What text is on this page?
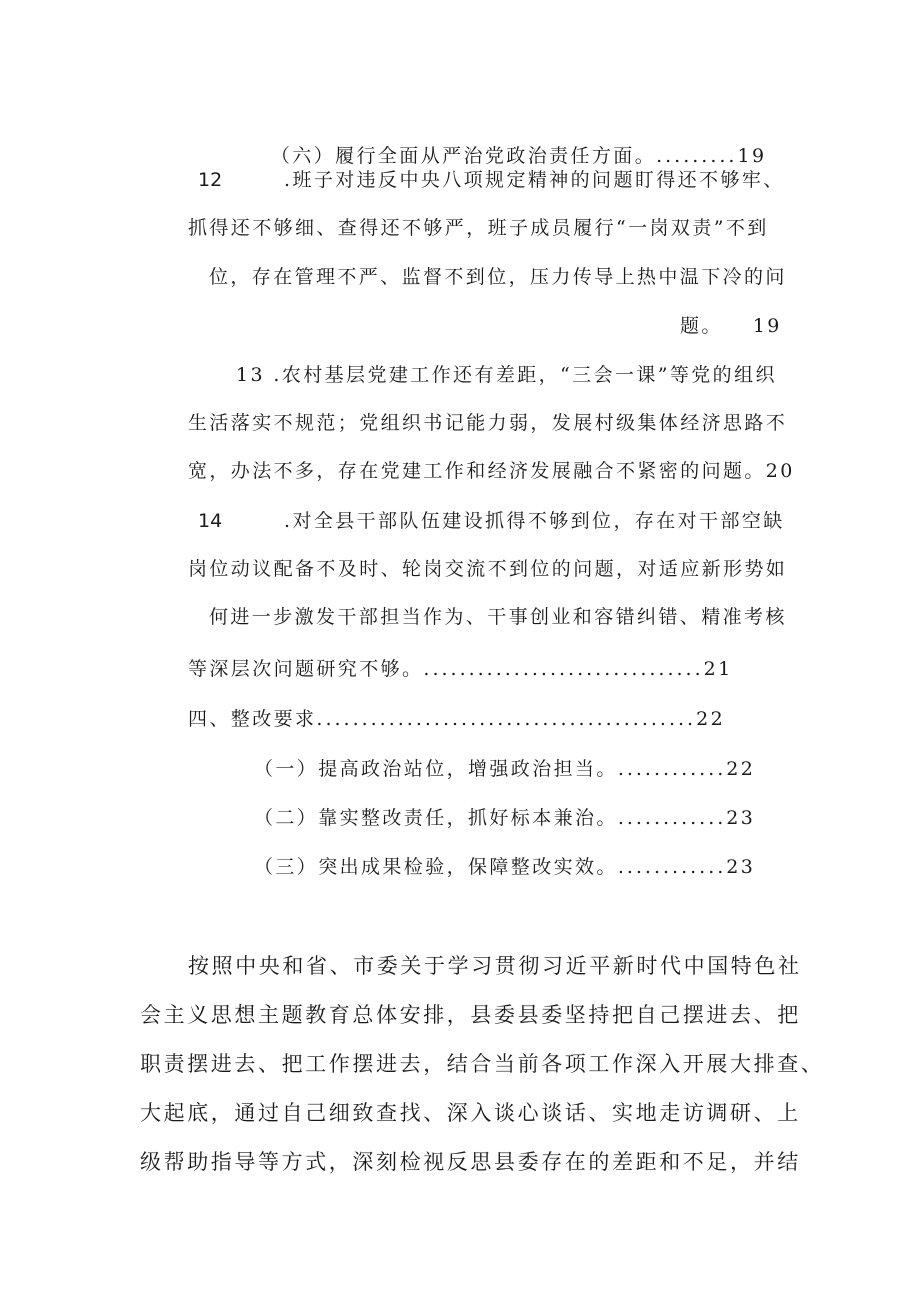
（六）履行全面从严治党政治责任方面。.........19

12	.班子对违反中央八项规定精神的问题盯得还不够牢、
抓得还不够细、查得还不够严，班子成员履行“一岗双责”不到
位，存在管理不严、监督不到位，压力传导上热中温下冷的问
题。 19
13 .农村基层党建工作还有差距，“三会一课”等党的组织
生活落实不规范；党组织书记能力弱，发展村级集体经济思路不
宽，办法不多，存在党建工作和经济发展融合不紧密的问题。20
14	.对全县干部队伍建设抓得不够到位，存在对干部空缺
岗位动议配备不及时、轮岗交流不到位的问题，对适应新形势如
何进一步激发干部担当作为、干事创业和容错纠错、精准考核
等深层次问题研究不够。...............................21
四、整改要求..........................................22
（一）提高政治站位，增强政治担当。............22
（二）靠实整改责任，抓好标本兼治。............23
（三）突出成果检验，保障整改实效。............23
按照中央和省、市委关于学习贯彻习近平新时代中国特色社
会主义思想主题教育总体安排，县委县委坚持把自己摆进去、把
职责摆进去、把工作摆进去，结合当前各项工作深入开展大排查、
大起底，通过自己细致查找、深入谈心谈话、实地走访调研、上
级帮助指导等方式，深刻检视反思县委存在的差距和不足，并结
